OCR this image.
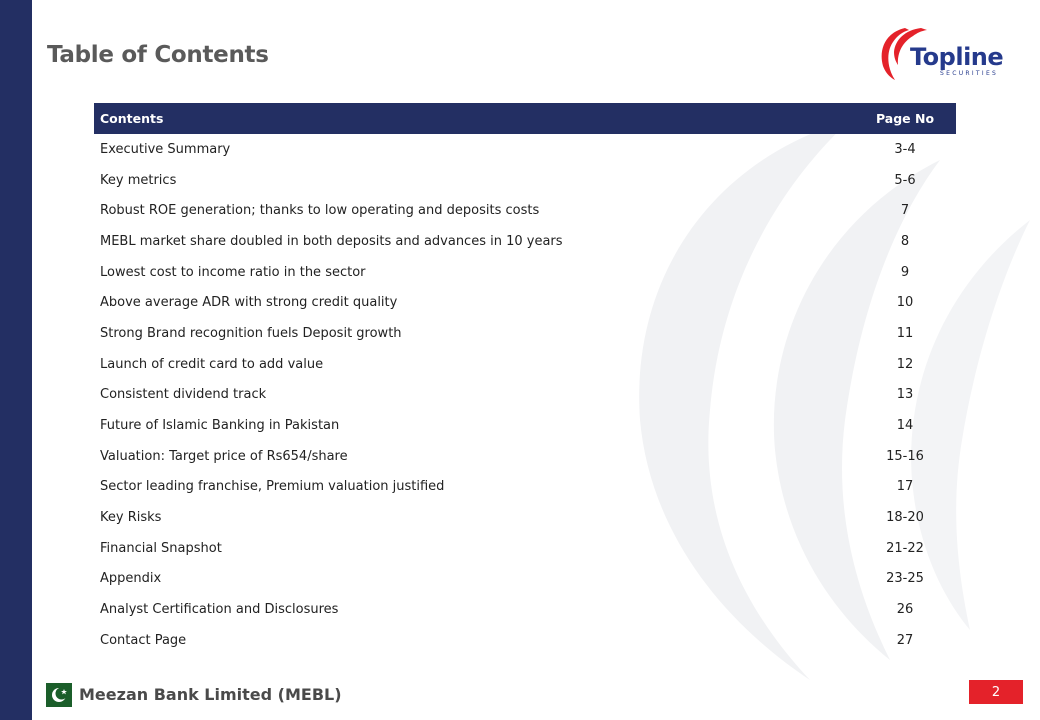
Table of Contents	Topline
SECURITIES
Contents	Page No
Executive Summary	3-4
Key metrics	5-6
Robust ROE generation; thanks to low operating and deposits costs	7
MEBL market share doubled in both deposits and advances in 10 years	8
Lowest cost to income ratio in the sector	9
Above average ADR with strong credit quality	10
Strong Brand recognition fuels Deposit growth	11
Launch of credit card to add value	12
Consistent dividend track	13
Future of Islamic Banking in Pakistan	14
Valuation: Target price of Rs654/share	15-16
Sector leading franchise, Premium valuation justified	17
Key Risks	18-20
Financial Snapshot	21-22
Appendix	23-25
Analyst Certification and Disclosures	26
Contact Page	27
Meezan Bank Limited (MEBL)	2
